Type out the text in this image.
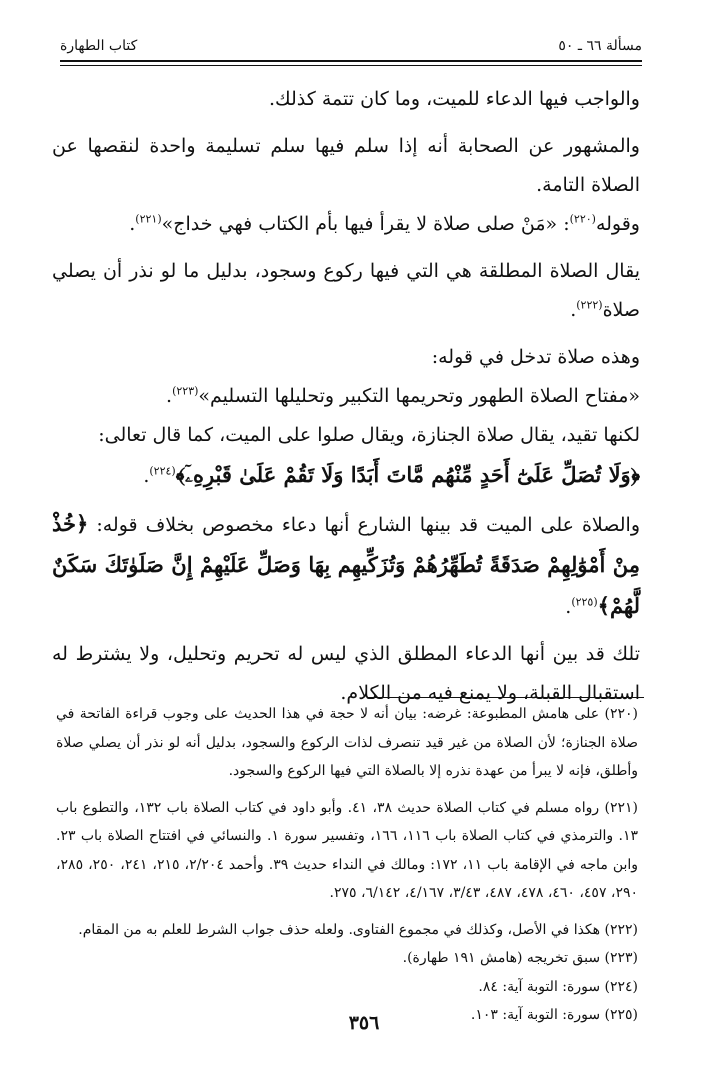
كتاب الطهارة	مسألة ٦٦ ـ ٥٠

والواجب فيها الدعاء للميت، وما كان تتمة كذلك.

والمشهور عن الصحابة أنه إذا سلم فيها سلم تسليمة واحدة لنقصها عن الصلاة التامة.

وقوله$^{(٢٢٠)}$: «مَنْ صلى صلاة لا يقرأ فيها بأم الكتاب فهي خداج»$^{(٢٢١)}$.

يقال الصلاة المطلقة هي التي فيها ركوع وسجود، بدليل ما لو نذر أن يصلي صلاة$^{(٢٢٢)}$.

وهذه صلاة تدخل في قوله:

«مفتاح الصلاة الطهور وتحريمها التكبير وتحليلها التسليم»$^{(٢٢٣)}$.

لكنها تقيد، يقال صلاة الجنازة، ويقال صلوا على الميت، كما قال تعالى:

﴿وَلَا تُصَلِّ عَلَىٰٓ أَحَدٍ مِّنْهُم مَّاتَ أَبَدًا وَلَا تَقُمْ عَلَىٰ قَبْرِهِۦٓ﴾$^{(٢٢٤)}$.

والصلاة على الميت قد بينها الشارع أنها دعاء مخصوص بخلاف قوله: ﴿خُذْ مِنْ أَمْوَٰلِهِمْ صَدَقَةً تُطَهِّرُهُمْ وَتُزَكِّيهِم بِهَا وَصَلِّ عَلَيْهِمْ إِنَّ صَلَوٰتَكَ سَكَنٌ لَّهُمْ﴾$^{(٢٢٥)}$.

تلك قد بين أنها الدعاء المطلق الذي ليس له تحريم وتحليل، ولا يشترط له استقبال القبلة، ولا يمنع فيه من الكلام.

(٢٢٠) على هامش المطبوعة: غرضه: بيان أنه لا حجة في هذا الحديث على وجوب قراءة الفاتحة في صلاة الجنازة؛ لأن الصلاة من غير قيد تنصرف لذات الركوع والسجود، بدليل أنه لو نذر أن يصلي صلاة وأطلق، فإنه لا يبرأ من عهدة نذره إلا بالصلاة التي فيها الركوع والسجود.

(٢٢١) رواه مسلم في كتاب الصلاة حديث ٣٨، ٤١. وأبو داود في كتاب الصلاة باب ١٣٢، والتطوع باب ١٣. والترمذي في كتاب الصلاة باب ١١٦، ١٦٦، وتفسير سورة ١. والنسائي في افتتاح الصلاة باب ٢٣. وابن ماجه في الإقامة باب ١١، ١٧٢: ومالك في النداء حديث ٣٩. وأحمد ٢/٢٠٤، ٢١٥، ٢٤١، ٢٥٠، ٢٨٥، ٢٩٠، ٤٥٧، ٤٦٠، ٤٧٨، ٤٨٧، ٣/٤٣، ٤/١٦٧، ٦/١٤٢، ٢٧٥.

(٢٢٢) هكذا في الأصل، وكذلك في مجموع الفتاوى. ولعله حذف جواب الشرط للعلم به من المقام.

(٢٢٣) سبق تخريجه (هامش ١٩١ طهارة).

(٢٢٤) سورة: التوبة آية: ٨٤.

(٢٢٥) سورة: التوبة آية: ١٠٣.

٣٥٦
